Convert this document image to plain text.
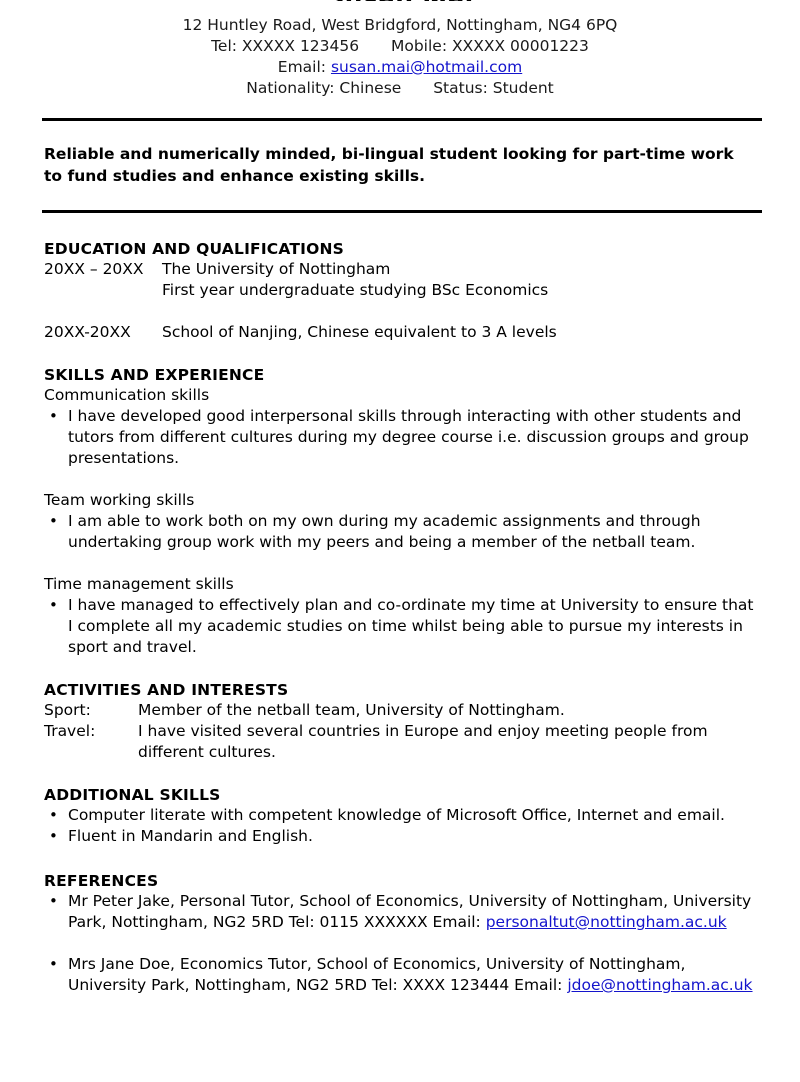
12 Huntley Road, West Bridgford, Nottingham, NG4 6PQ
Tel: XXXXX 123456 Mobile: XXXXX 00001223
Email: susan.mai@hotmail.com
Nationality: Chinese Status: Student
Reliable and numerically minded, bi-lingual student looking for part-time work to fund studies and enhance existing skills.
EDUCATION AND QUALIFICATIONS
20XX – 20XX	The University of Nottingham
First year undergraduate studying BSc Economics
20XX-20XX	School of Nanjing, Chinese equivalent to 3 A levels
SKILLS AND EXPERIENCE
Communication skills
• I have developed good interpersonal skills through interacting with other students and tutors from different cultures during my degree course i.e. discussion groups and group presentations.
Team working skills
• I am able to work both on my own during my academic assignments and through undertaking group work with my peers and being a member of the netball team.
Time management skills
• I have managed to effectively plan and co-ordinate my time at University to ensure that I complete all my academic studies on time whilst being able to pursue my interests in sport and travel.
ACTIVITIES AND INTERESTS
Sport:	Member of the netball team, University of Nottingham.
Travel:	I have visited several countries in Europe and enjoy meeting people from different cultures.
ADDITIONAL SKILLS
• Computer literate with competent knowledge of Microsoft Office, Internet and email.
• Fluent in Mandarin and English.
REFERENCES
• Mr Peter Jake, Personal Tutor, School of Economics, University of Nottingham, University Park, Nottingham, NG2 5RD Tel: 0115 XXXXXX Email: personaltut@nottingham.ac.uk
• Mrs Jane Doe, Economics Tutor, School of Economics, University of Nottingham, University Park, Nottingham, NG2 5RD Tel: XXXX 123444 Email: jdoe@nottingham.ac.uk
